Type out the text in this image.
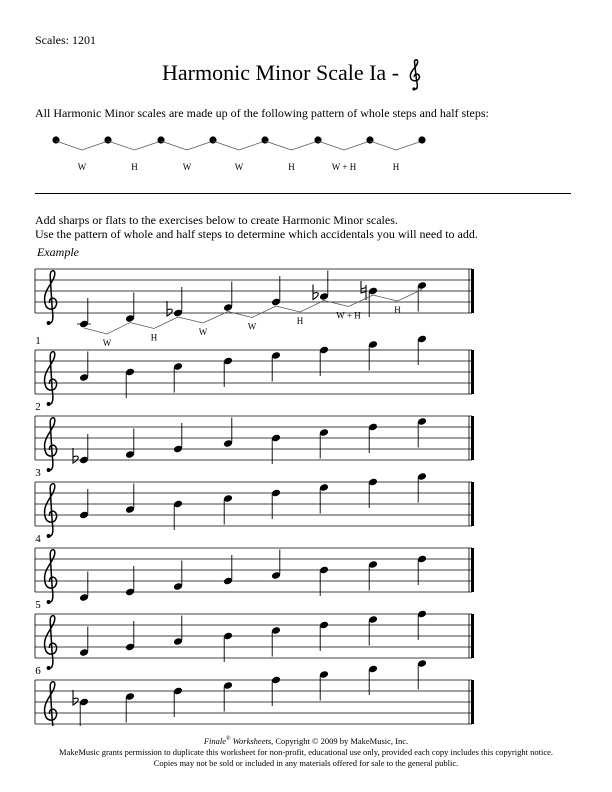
Scales: 1201
Harmonic Minor Scale Ia -
All Harmonic Minor scales are made up of the following pattern of whole steps and half steps:
W	H	W	W	H	W + H	H
Add sharps or flats to the exercises below to create Harmonic Minor scales.
Use the pattern of whole and half steps to determine which accidentals you will need to add.
Example
W
H
W
W
H
W + H
H
1
2
3
4
5
6
Finale® Worksheets, Copyright © 2009 by MakeMusic, Inc.
MakeMusic grants permission to duplicate this worksheet for non-profit, educational use only, provided each copy includes this copyright notice.
Copies may not be sold or included in any materials offered for sale to the general public.
